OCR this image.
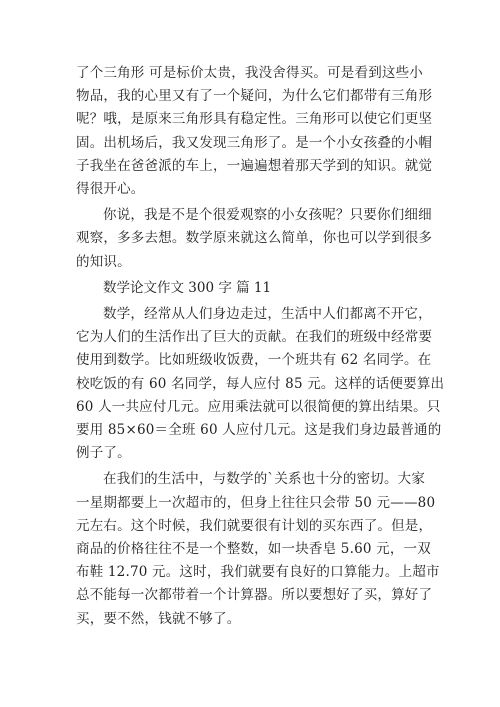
了个三角形 可是标价太贵，我没舍得买。可是看到这些小
物品，我的心里又有了一个疑问，为什么它们都带有三角形
呢？哦，是原来三角形具有稳定性。三角形可以使它们更坚
固。出机场后，我又发现三角形了。是一个小女孩叠的小帽
子我坐在爸爸派的车上，一遍遍想着那天学到的知识。就觉
得很开心。
你说，我是不是个很爱观察的小女孩呢？只要你们细细
观察，多多去想。数学原来就这么简单，你也可以学到很多
的知识。
数学论文作文 300 字 篇 11
数学，经常从人们身边走过，生活中人们都离不开它，
它为人们的生活作出了巨大的贡献。在我们的班级中经常要
使用到数学。比如班级收饭费，一个班共有 62 名同学。在
校吃饭的有 60 名同学，每人应付 85 元。这样的话便要算出
60 人一共应付几元。应用乘法就可以很简便的算出结果。只
要用 85×60＝全班 60 人应付几元。这是我们身边最普通的
例子了。
在我们的生活中，与数学的`关系也十分的密切。大家
一星期都要上一次超市的，但身上往往只会带 50 元——80
元左右。这个时候，我们就要很有计划的买东西了。但是，
商品的价格往往不是一个整数，如一块香皂 5.60 元，一双
布鞋 12.70 元。这时，我们就要有良好的口算能力。上超市
总不能每一次都带着一个计算器。所以要想好了买，算好了
买，要不然，钱就不够了。
